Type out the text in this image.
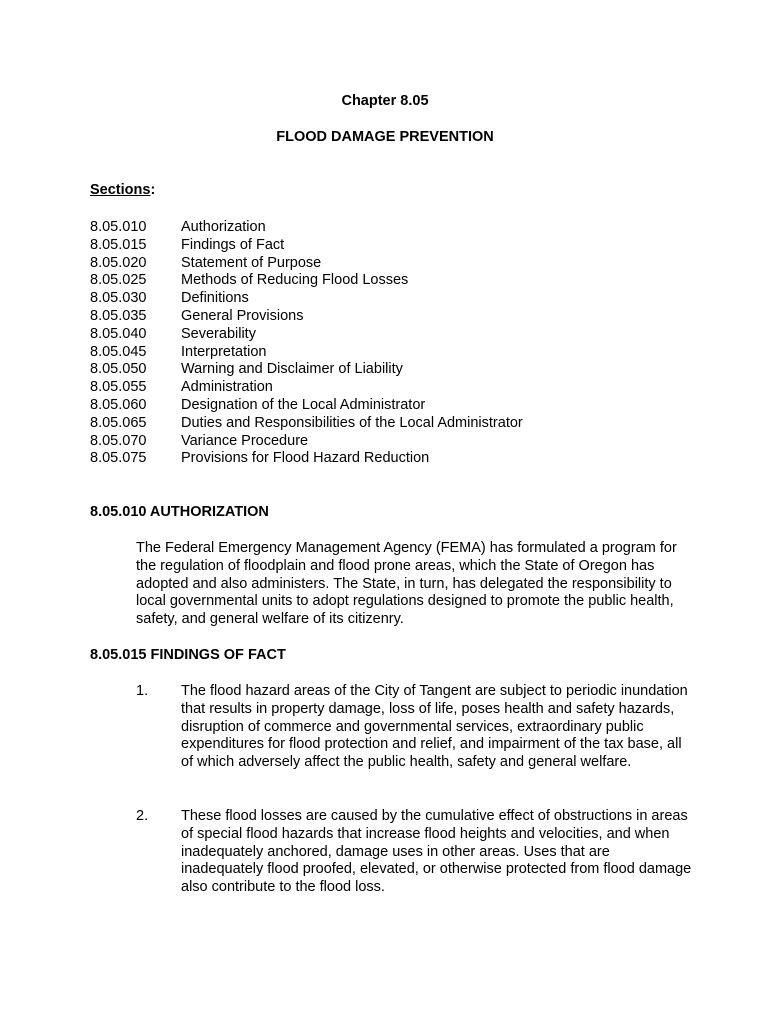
Chapter 8.05
FLOOD DAMAGE PREVENTION
Sections:
8.05.010	Authorization
8.05.015	Findings of Fact
8.05.020	Statement of Purpose
8.05.025	Methods of Reducing Flood Losses
8.05.030	Definitions
8.05.035	General Provisions
8.05.040	Severability
8.05.045	Interpretation
8.05.050	Warning and Disclaimer of Liability
8.05.055	Administration
8.05.060	Designation of the Local Administrator
8.05.065	Duties and Responsibilities of the Local Administrator
8.05.070	Variance Procedure
8.05.075	Provisions for Flood Hazard Reduction
8.05.010 AUTHORIZATION

The Federal Emergency Management Agency (FEMA) has formulated a program for the regulation of floodplain and flood prone areas, which the State of Oregon has adopted and also administers. The State, in turn, has delegated the responsibility to local governmental units to adopt regulations designed to promote the public health, safety, and general welfare of its citizenry.

8.05.015 FINDINGS OF FACT
1.	The flood hazard areas of the City of Tangent are subject to periodic inundation that results in property damage, loss of life, poses health and safety hazards, disruption of commerce and governmental services, extraordinary public expenditures for flood protection and relief, and impairment of the tax base, all of which adversely affect the public health, safety and general welfare.

2.	These flood losses are caused by the cumulative effect of obstructions in areas of special flood hazards that increase flood heights and velocities, and when inadequately anchored, damage uses in other areas. Uses that are inadequately flood proofed, elevated, or otherwise protected from flood damage also contribute to the flood loss.
